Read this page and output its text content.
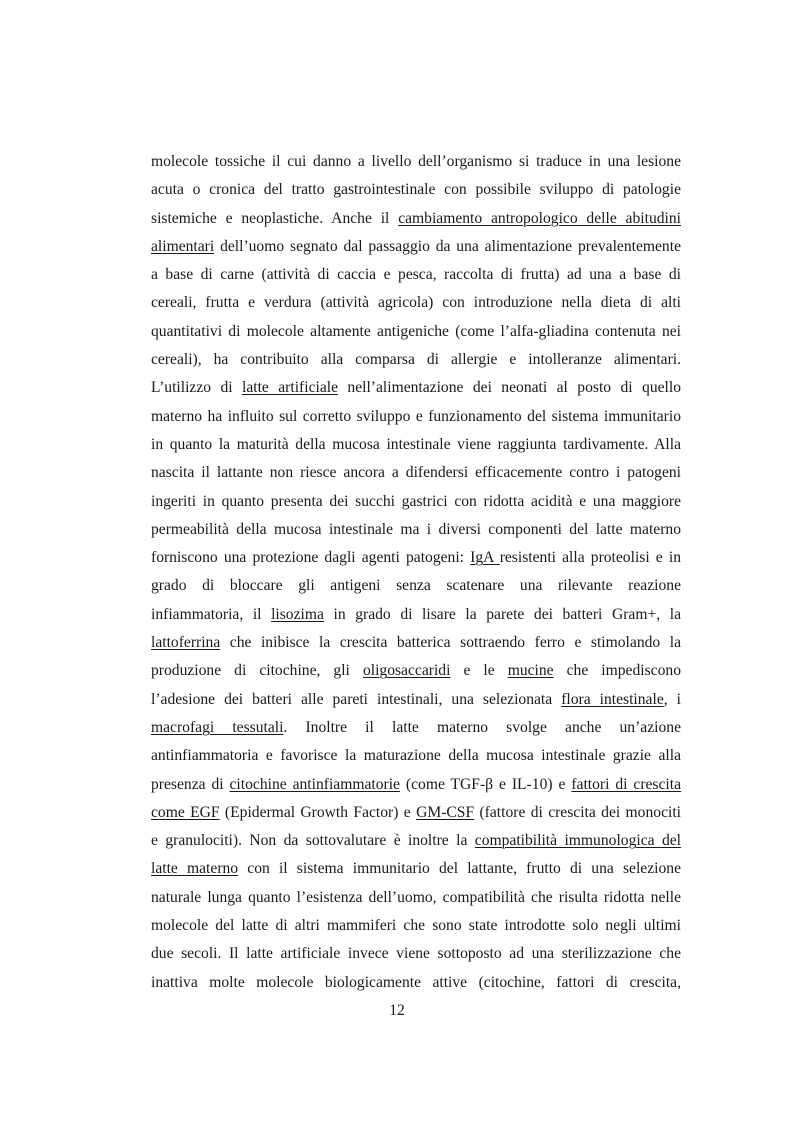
molecole tossiche il cui danno a livello dell’organismo si traduce in una lesione
acuta o cronica del tratto gastrointestinale con possibile sviluppo di patologie
sistemiche e neoplastiche. Anche il cambiamento antropologico delle abitudini
alimentari dell’uomo segnato dal passaggio da una alimentazione prevalentemente
a base di carne (attività di caccia e pesca, raccolta di frutta) ad una a base di
cereali, frutta e verdura (attività agricola) con introduzione nella dieta di alti
quantitativi di molecole altamente antigeniche (come l’alfa-gliadina contenuta nei
cereali), ha contribuito alla comparsa di allergie e intolleranze alimentari.
L’utilizzo di latte artificiale nell’alimentazione dei neonati al posto di quello
materno ha influito sul corretto sviluppo e funzionamento del sistema immunitario
in quanto la maturità della mucosa intestinale viene raggiunta tardivamente. Alla
nascita il lattante non riesce ancora a difendersi efficacemente contro i patogeni
ingeriti in quanto presenta dei succhi gastrici con ridotta acidità e una maggiore
permeabilità della mucosa intestinale ma i diversi componenti del latte materno
forniscono una protezione dagli agenti patogeni: IgA resistenti alla proteolisi e in
grado di bloccare gli antigeni senza scatenare una rilevante reazione
infiammatoria, il lisozima in grado di lisare la parete dei batteri Gram+, la
lattoferrina che inibisce la crescita batterica sottraendo ferro e stimolando la
produzione di citochine, gli oligosaccaridi e le mucine che impediscono
l’adesione dei batteri alle pareti intestinali, una selezionata flora intestinale, i
macrofagi tessutali. Inoltre il latte materno svolge anche un’azione
antinfiammatoria e favorisce la maturazione della mucosa intestinale grazie alla
presenza di citochine antinfiammatorie (come TGF-β e IL-10) e fattori di crescita
come EGF (Epidermal Growth Factor) e GM-CSF (fattore di crescita dei monociti
e granulociti). Non da sottovalutare è inoltre la compatibilità immunologica del
latte materno con il sistema immunitario del lattante, frutto di una selezione
naturale lunga quanto l’esistenza dell’uomo, compatibilità che risulta ridotta nelle
molecole del latte di altri mammiferi che sono state introdotte solo negli ultimi
due secoli. Il latte artificiale invece viene sottoposto ad una sterilizzazione che
inattiva molte molecole biologicamente attive (citochine, fattori di crescita,
12
